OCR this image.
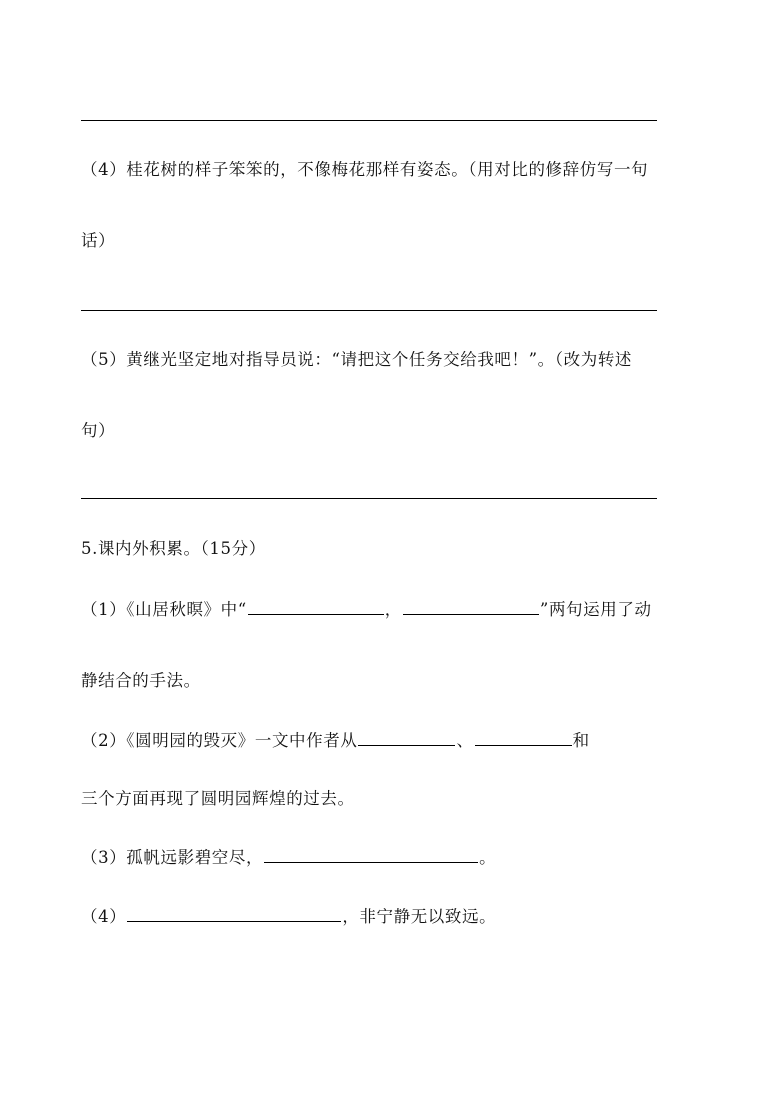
（4）桂花树的样子笨笨的，不像梅花那样有姿态。（用对比的修辞仿写一句
话）
（5）黄继光坚定地对指导员说：“请把这个任务交给我吧！”。（改为转述
句）
5.课内外积累。（15分）
（1）《山居秋暝》中“	，	”两句运用了动
静结合的手法。
（2）《圆明园的毁灭》一文中作者从	、	和
三个方面再现了圆明园辉煌的过去。
（3）孤帆远影碧空尽，	。
（4）	，非宁静无以致远。
